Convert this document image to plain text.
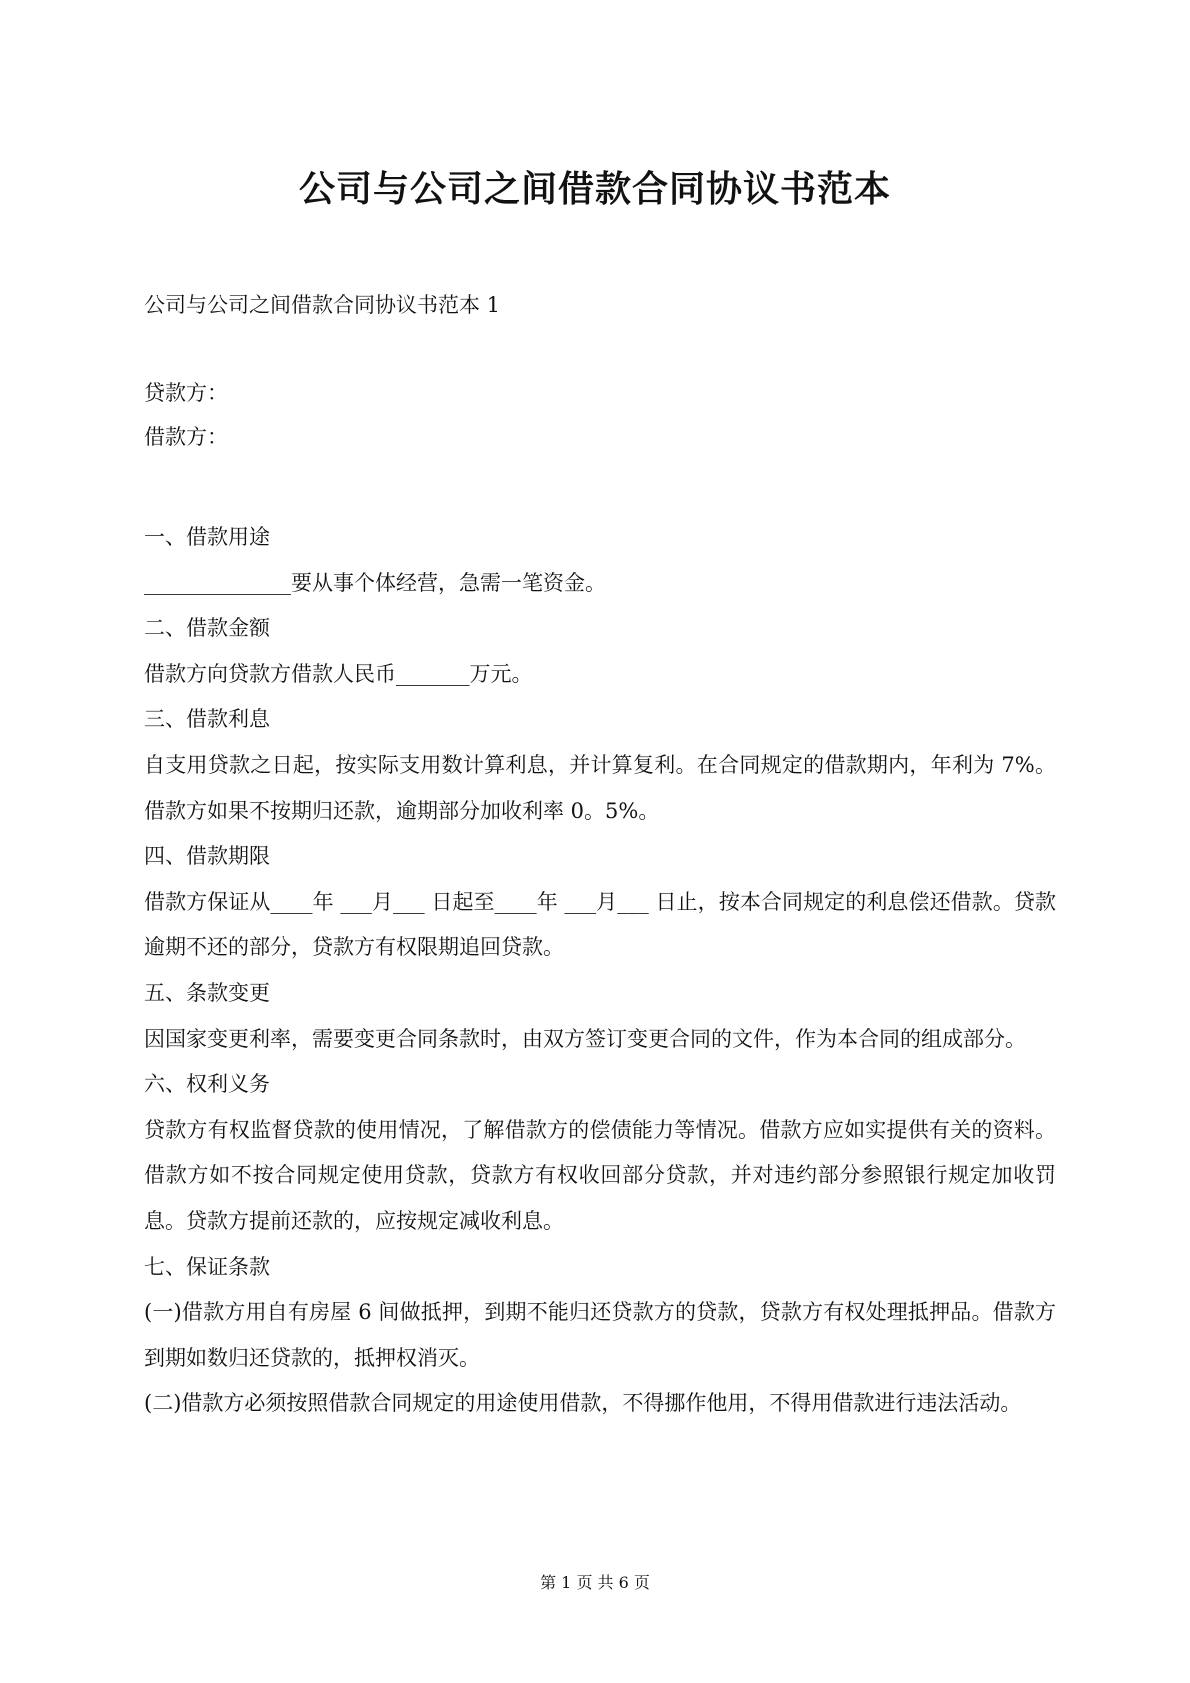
公司与公司之间借款合同协议书范本

公司与公司之间借款合同协议书范本 1

贷款方：
借款方：
一、借款用途

______________要从事个体经营，急需一笔资金。

二、借款金额

借款方向贷款方借款人民币_______万元。

三、借款利息

自支用贷款之日起，按实际支用数计算利息，并计算复利。在合同规定的借款期内，年利为 7%。借款方如果不按期归还款，逾期部分加收利率 0。5%。

四、借款期限

借款方保证从____年 ___月___ 日起至____年 ___月___ 日止，按本合同规定的利息偿还借款。贷款逾期不还的部分，贷款方有权限期追回贷款。

五、条款变更

因国家变更利率，需要变更合同条款时，由双方签订变更合同的文件，作为本合同的组成部分。

六、权利义务

贷款方有权监督贷款的使用情况，了解借款方的偿债能力等情况。借款方应如实提供有关的资料。借款方如不按合同规定使用贷款，贷款方有权收回部分贷款，并对违约部分参照银行规定加收罚息。贷款方提前还款的，应按规定减收利息。

七、保证条款

(一)借款方用自有房屋 6 间做抵押，到期不能归还贷款方的贷款，贷款方有权处理抵押品。借款方到期如数归还贷款的，抵押权消灭。

(二)借款方必须按照借款合同规定的用途使用借款，不得挪作他用，不得用借款进行违法活动。

第 1 页 共 6 页
